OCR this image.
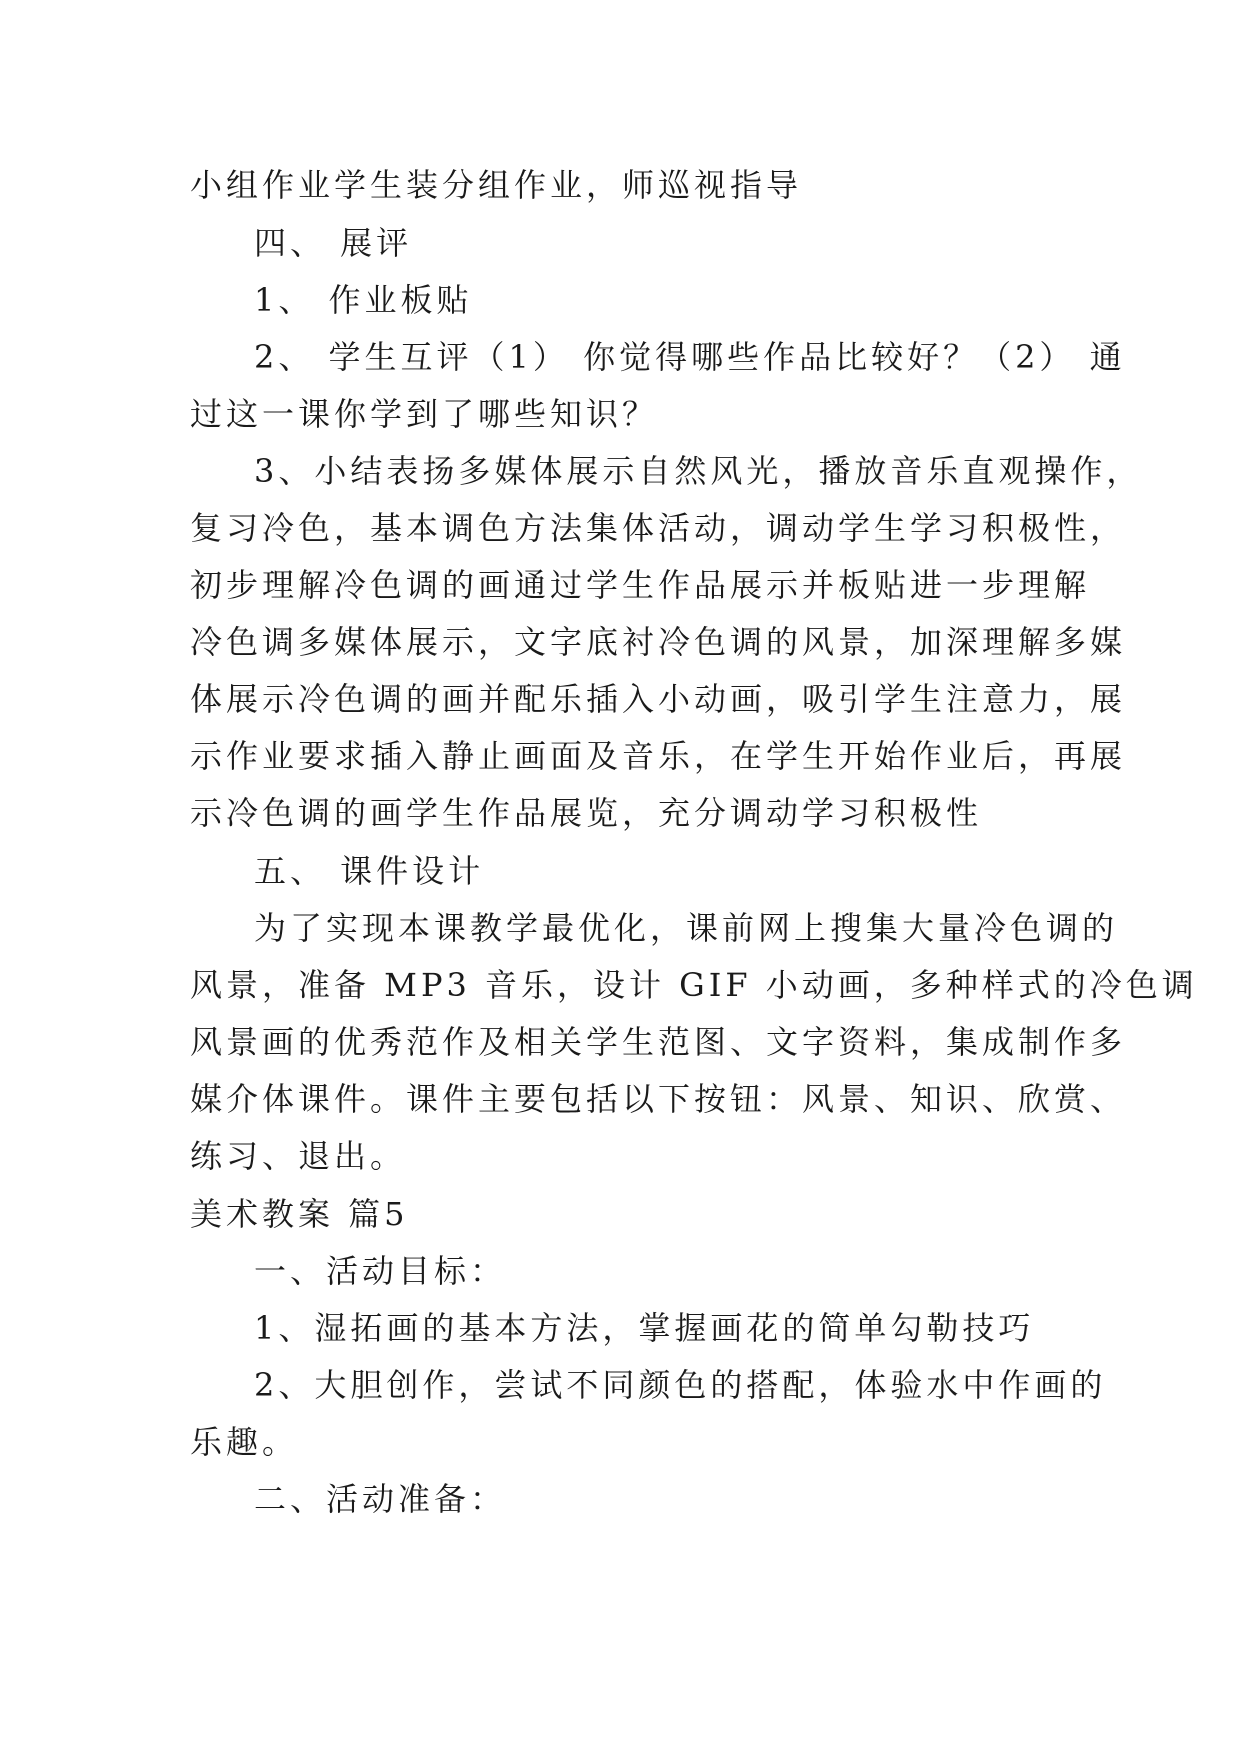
小组作业学生装分组作业，师巡视指导
四、 展评
1、 作业板贴
2、 学生互评（1） 你觉得哪些作品比较好？（2） 通
过这一课你学到了哪些知识？
3、小结表扬多媒体展示自然风光，播放音乐直观操作，
复习冷色，基本调色方法集体活动，调动学生学习积极性，
初步理解冷色调的画通过学生作品展示并板贴进一步理解
冷色调多媒体展示，文字底衬冷色调的风景，加深理解多媒
体展示冷色调的画并配乐插入小动画，吸引学生注意力，展
示作业要求插入静止画面及音乐，在学生开始作业后，再展
示冷色调的画学生作品展览，充分调动学习积极性
五、 课件设计
为了实现本课教学最优化，课前网上搜集大量冷色调的
风景，准备 MP3 音乐，设计 GIF 小动画，多种样式的冷色调
风景画的优秀范作及相关学生范图、文字资料，集成制作多
媒介体课件。课件主要包括以下按钮：风景、知识、欣赏、
练习、退出。
美术教案 篇5
一、活动目标：
1、湿拓画的基本方法，掌握画花的简单勾勒技巧
2、大胆创作，尝试不同颜色的搭配，体验水中作画的
乐趣。
二、活动准备：
